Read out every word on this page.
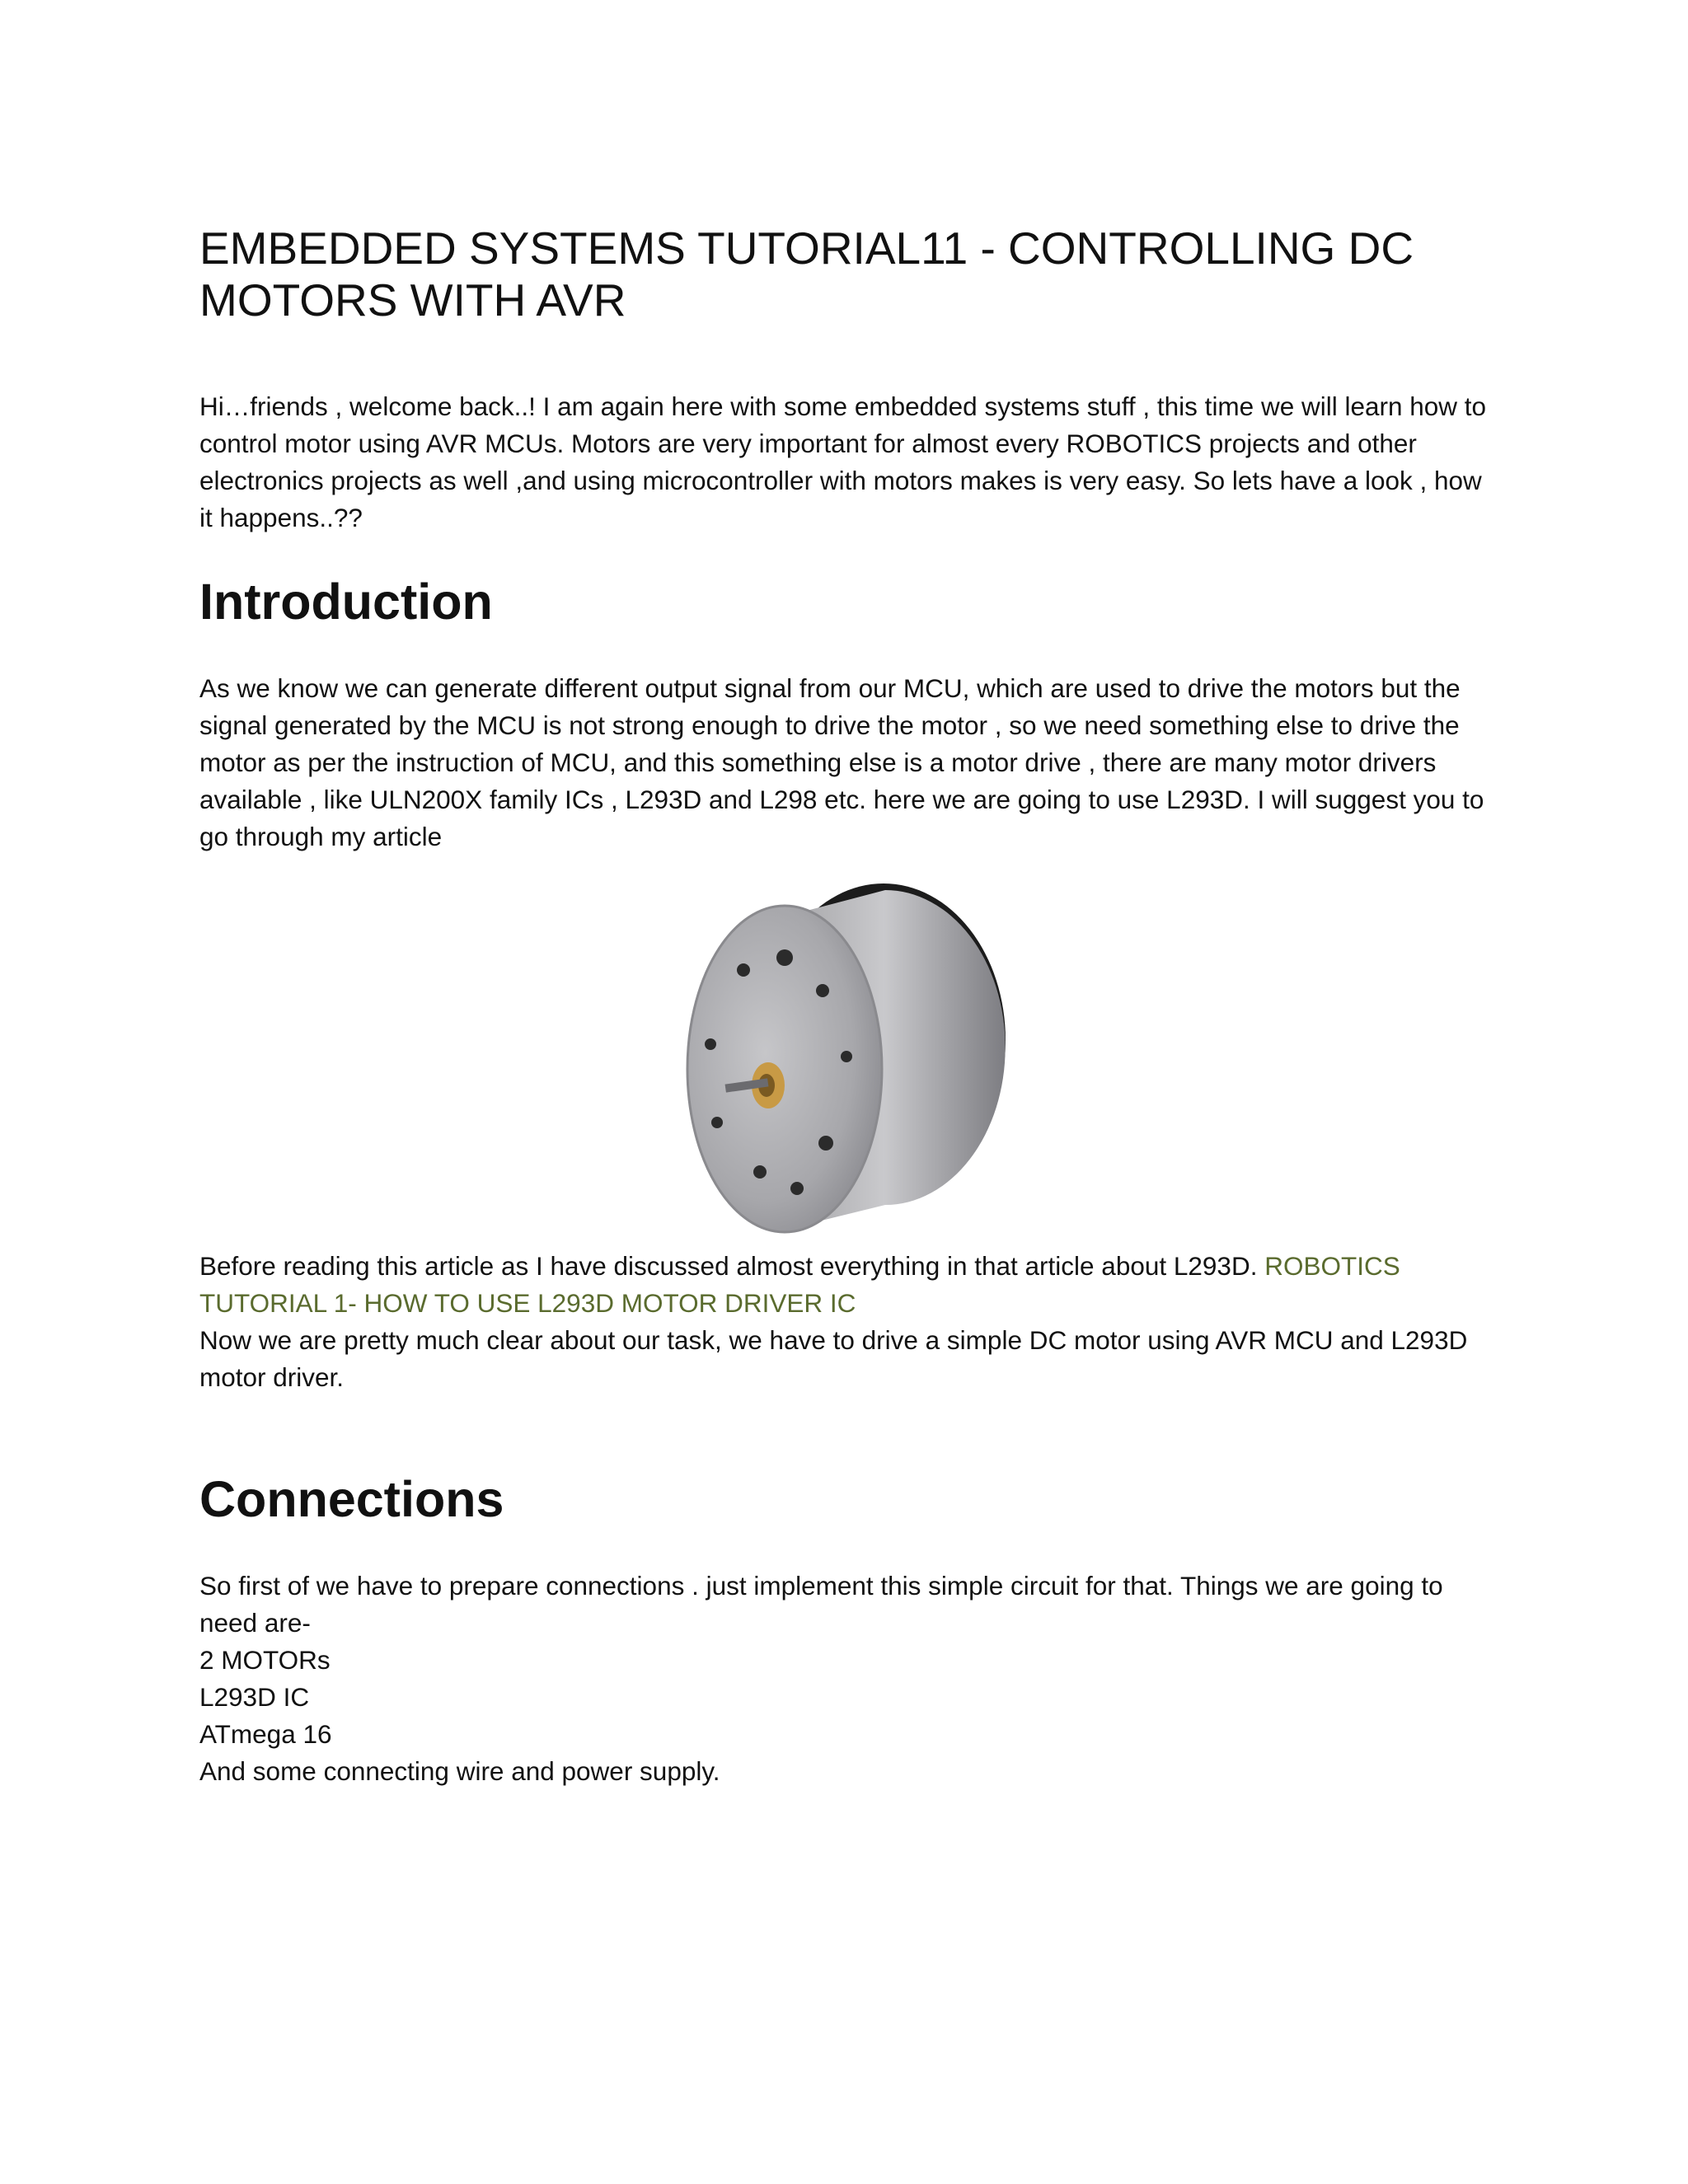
EMBEDDED SYSTEMS TUTORIAL11 - CONTROLLING DC
MOTORS WITH AVR

Hi…friends , welcome back..! I am again here with some embedded systems stuff , this time we will learn how to control motor using AVR MCUs. Motors are very important for almost every ROBOTICS projects and other electronics projects as well ,and using microcontroller with motors makes is very easy. So lets have a look , how it happens..??

Introduction

As we know we can generate different output signal from our MCU, which are used to drive the motors but the signal generated by the MCU is not strong enough to drive the motor , so we need something else to drive the motor as per the instruction of MCU, and this something else is a motor drive , there are many motor drivers available , like ULN200X family ICs , L293D and L298 etc. here we are going to use L293D. I will suggest you to go through my article

Before reading this article as I have discussed almost everything in that article about L293D. ROBOTICS TUTORIAL 1- HOW TO USE L293D MOTOR DRIVER IC

Now we are pretty much clear about our task, we have to drive a simple DC motor using AVR MCU and L293D motor driver.

Connections

So first of we have to prepare connections . just implement this simple circuit for that. Things we are going to need are-

2 MOTORs
L293D IC
ATmega 16
And some connecting wire and power supply.
